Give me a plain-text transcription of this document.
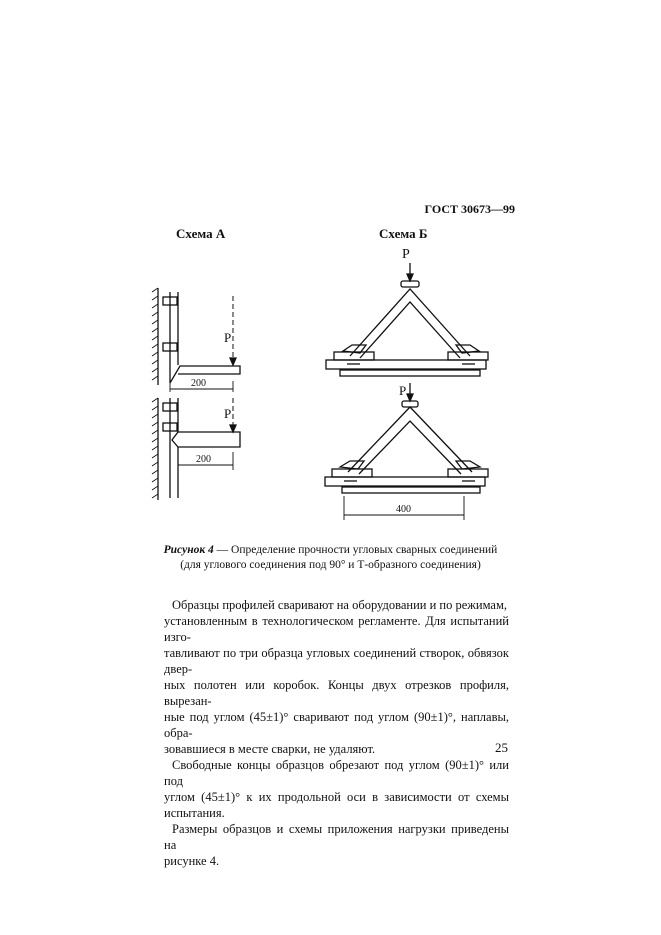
ГОСТ 30673—99
Схема А	Схема Б
P
P
P
P
200
200
400
Рисунок 4 — Определение прочности угловых сварных соединений
(для углового соединения под 90° и Т-образного соединения)
Образцы профилей сваривают на оборудовании и по режимам,
установленным в технологическом регламенте. Для испытаний изго-
тавливают по три образца угловых соединений створок, обвязок двер-
ных полотен или коробок. Концы двух отрезков профиля, вырезан-
ные под углом (45±1)° сваривают под углом (90±1)°, наплавы, обра-
зовавшиеся в месте сварки, не удаляют.
Свободные концы образцов обрезают под углом (90±1)° или под
углом (45±1)° к их продольной оси в зависимости от схемы испытания.
Размеры образцов и схемы приложения нагрузки приведены на
рисунке 4.
25
